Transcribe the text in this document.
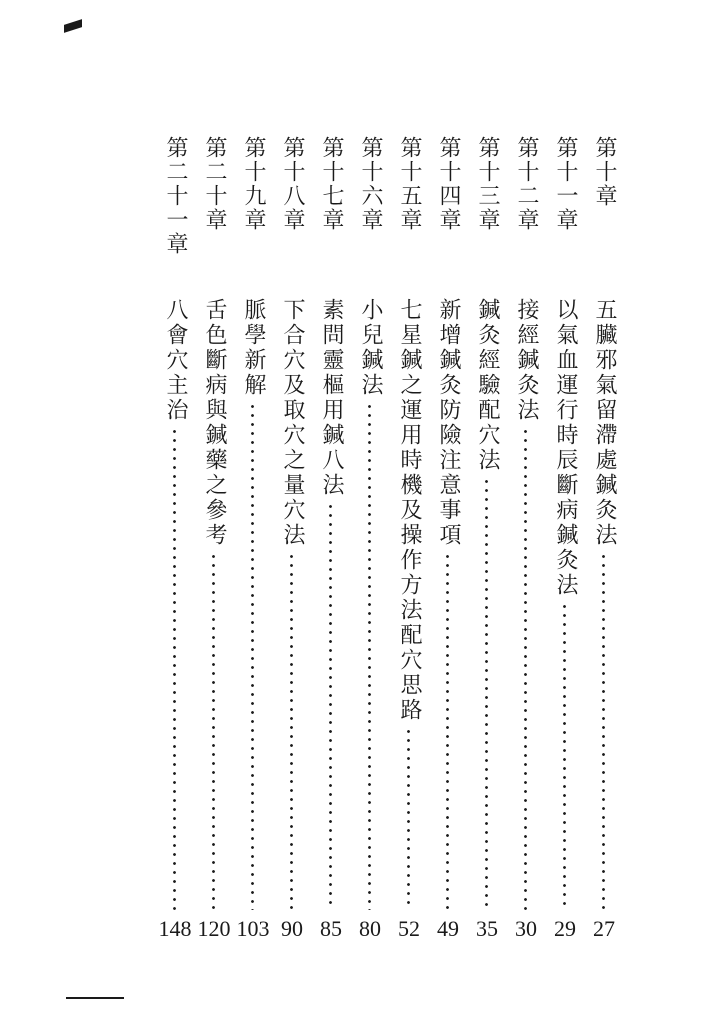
第十章
五臟邪氣留滯處鍼灸法
27
第十一章
以氣血運行時辰斷病鍼灸法
29
第十二章
接經鍼灸法
30
第十三章
鍼灸經驗配穴法
35
第十四章
新增鍼灸防險注意事項
49
第十五章
七星鍼之運用時機及操作方法配穴思路
52
第十六章
小兒鍼法
80
第十七章
素問靈樞用鍼八法
85
第十八章
下合穴及取穴之量穴法
90
第十九章
脈學新解
103
第二十章
舌色斷病與鍼藥之參考
120
第二十一章
八會穴主治
148
